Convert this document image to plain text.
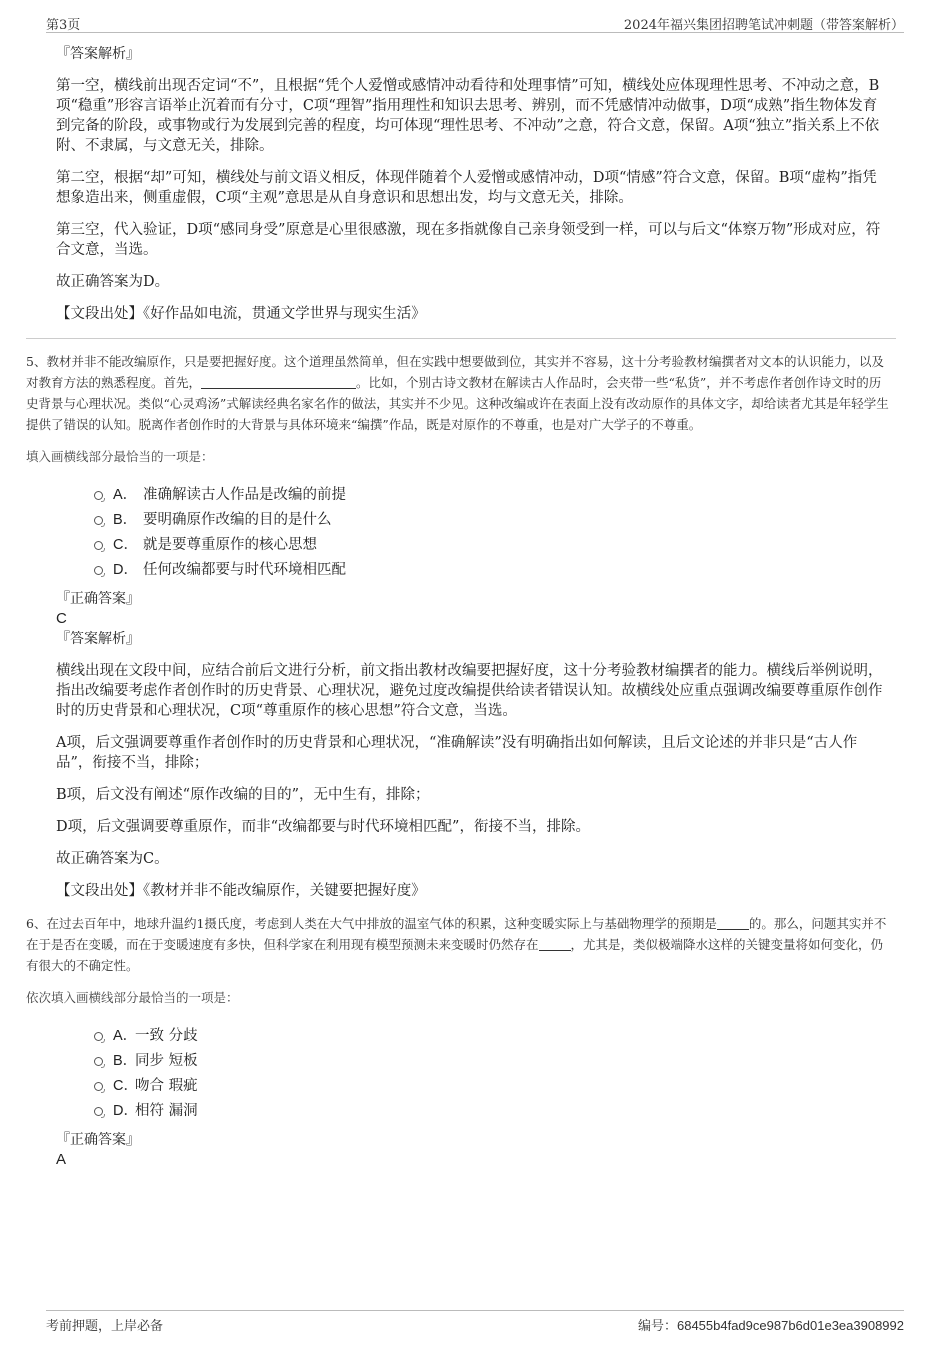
第3页	2024年福兴集团招聘笔试冲刺题（带答案解析）

『答案解析』

第一空，横线前出现否定词“不”，且根据“凭个人爱憎或感情冲动看待和处理事情”可知，横线处应体现理性思考、不冲动之意，B项“稳重”形容言语举止沉着而有分寸，C项“理智”指用理性和知识去思考、辨别，而不凭感情冲动做事，D项“成熟”指生物体发育到完备的阶段，或事物或行为发展到完善的程度，均可体现“理性思考、不冲动”之意，符合文意，保留。A项“独立”指关系上不依附、不隶属，与文意无关，排除。

第二空，根据“却”可知，横线处与前文语义相反，体现伴随着个人爱憎或感情冲动，D项“情感”符合文意，保留。B项“虚构”指凭想象造出来，侧重虚假，C项“主观”意思是从自身意识和思想出发，均与文意无关，排除。

第三空，代入验证，D项“感同身受”原意是心里很感激，现在多指就像自己亲身领受到一样，可以与后文“体察万物”形成对应，符合文意，当选。

故正确答案为D。

【文段出处】《好作品如电流，贯通文学世界与现实生活》

5、教材并非不能改编原作，只是要把握好度。这个道理虽然简单，但在实践中想要做到位，其实并不容易，这十分考验教材编撰者对文本的认识能力，以及对教育方法的熟悉程度。首先，	。比如，个别古诗文教材在解读古人作品时，会夹带一些“私货”，并不考虑作者创作诗文时的历史背景与心理状况。类似“心灵鸡汤”式解读经典名家名作的做法，其实并不少见。这种改编或许在表面上没有改动原作的具体文字，却给读者尤其是年轻学生提供了错误的认知。脱离作者创作时的大背景与具体环境来“编撰”作品，既是对原作的不尊重，也是对广大学子的不尊重。

填入画横线部分最恰当的一项是：

A． 准确解读古人作品是改编的前提
B． 要明确原作改编的目的是什么
C． 就是要尊重原作的核心思想
D． 任何改编都要与时代环境相匹配

『正确答案』

C

『答案解析』

横线出现在文段中间，应结合前后文进行分析，前文指出教材改编要把握好度，这十分考验教材编撰者的能力。横线后举例说明，指出改编要考虑作者创作时的历史背景、心理状况，避免过度改编提供给读者错误认知。故横线处应重点强调改编要尊重原作创作时的历史背景和心理状况，C项“尊重原作的核心思想”符合文意，当选。

A项，后文强调要尊重作者创作时的历史背景和心理状况，“准确解读”没有明确指出如何解读，且后文论述的并非只是“古人作品”，衔接不当，排除；

B项，后文没有阐述“原作改编的目的”，无中生有，排除；

D项，后文强调要尊重原作，而非“改编都要与时代环境相匹配”，衔接不当，排除。

故正确答案为C。

【文段出处】《教材并非不能改编原作，关键要把握好度》

6、在过去百年中，地球升温约1摄氏度，考虑到人类在大气中排放的温室气体的积累，这种变暖实际上与基础物理学的预期是	的。那么，问题其实并不在于是否在变暖，而在于变暖速度有多快，但科学家在利用现有模型预测未来变暖时仍然存在	，尤其是，类似极端降水这样的关键变量将如何变化，仍有很大的不确定性。

依次填入画横线部分最恰当的一项是：

A．
一致 分歧
B．
同步 短板
C．
吻合 瑕疵
D．
相符 漏洞

『正确答案』

A

考前押题，上岸必备	编号：68455b4fad9ce987b6d01e3ea3908992
